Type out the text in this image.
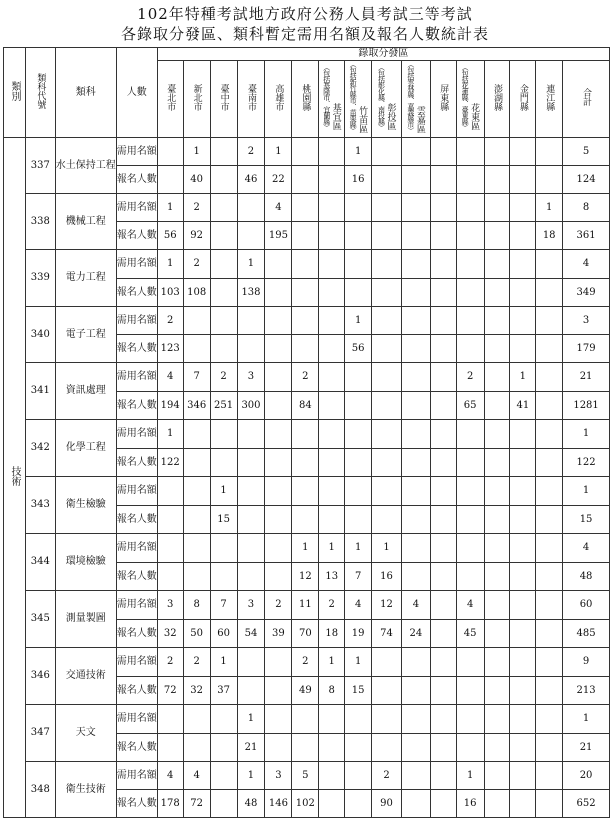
102年特種考試地方政府公務人員考試三等考試
各錄取分發區、類科暫定需用名額及報名人數統計表
類別	類科代號	類科	人數	錄取分發區															
				臺北市	新北市	臺中市	臺南市	高雄市	桃園縣	（包括基隆市、宜蘭縣）基宜區	（包括新竹縣市、苗栗縣）竹苗區	（包括彰化縣、南投縣）彰投區	（包括雲林縣、嘉義縣市）雲嘉區	屏東縣	（包括花蓮縣、臺東縣）花東區	澎湖縣	金門縣	連江縣	合計
技術	337	水土保持工程	需用名額		1		2	1			1								5
			報名人數		40		46	22			16								124
	338	機械工程	需用名額	1	2			4										1	8
			報名人數	56	92			195										18	361
	339	電力工程	需用名額	1	2		1												4
			報名人數	103	108		138												349
	340	電子工程	需用名額	2							1								3
			報名人數	123							56								179
	341	資訊處理	需用名額	4	7	2	3		2						2		1		21
			報名人數	194	346	251	300		84						65		41		1281
	342	化學工程	需用名額	1															1
			報名人數	122															122
	343	衛生檢驗	需用名額			1													1
			報名人數			15													15
	344	環境檢驗	需用名額						1	1	1	1							4
			報名人數						12	13	7	16							48
	345	測量製圖	需用名額	3	8	7	3	2	11	2	4	12	4		4				60
			報名人數	32	50	60	54	39	70	18	19	74	24		45				485
	346	交通技術	需用名額	2	2	1			2	1	1								9
			報名人數	72	32	37			49	8	15								213
	347	天文	需用名額				1												1
			報名人數				21												21
	348	衛生技術	需用名額	4	4		1	3	5			2			1				20
			報名人數	178	72		48	146	102			90			16				652
